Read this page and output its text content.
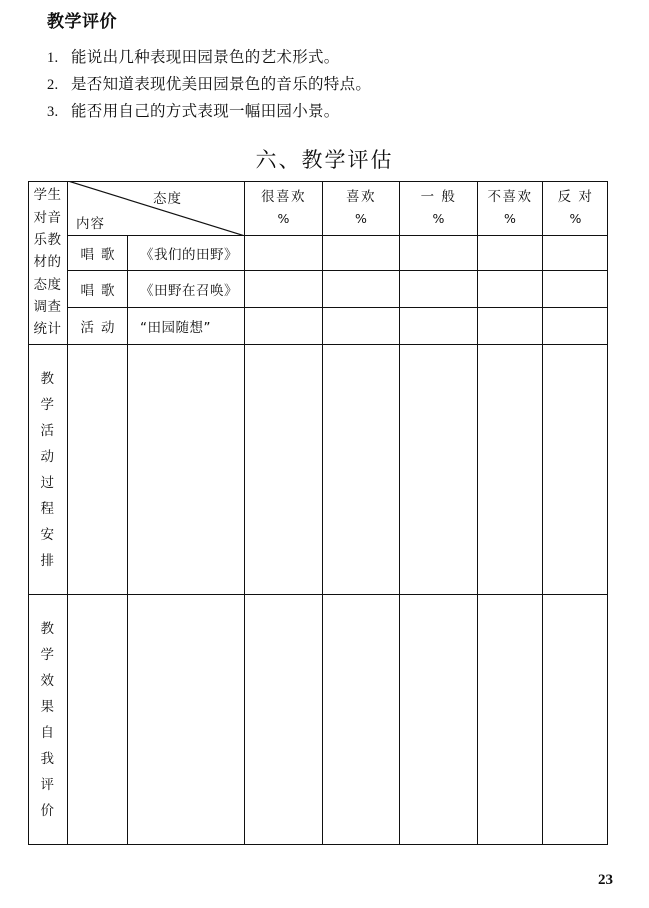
教学评价
1. 能说出几种表现田园景色的艺术形式。
2. 是否知道表现优美田园景色的音乐的特点。
3. 能否用自己的方式表现一幅田园小景。
六、教学评估
态度
内容
很喜欢
%
喜欢
%
一 般
%
不喜欢
%
反 对
%
学生对音乐教材的态度调查统计
唱歌 《我们的田野》
唱歌 《田野在召唤》
活动 “田园随想”
教学活动过程安排
教学效果自我评价
23
